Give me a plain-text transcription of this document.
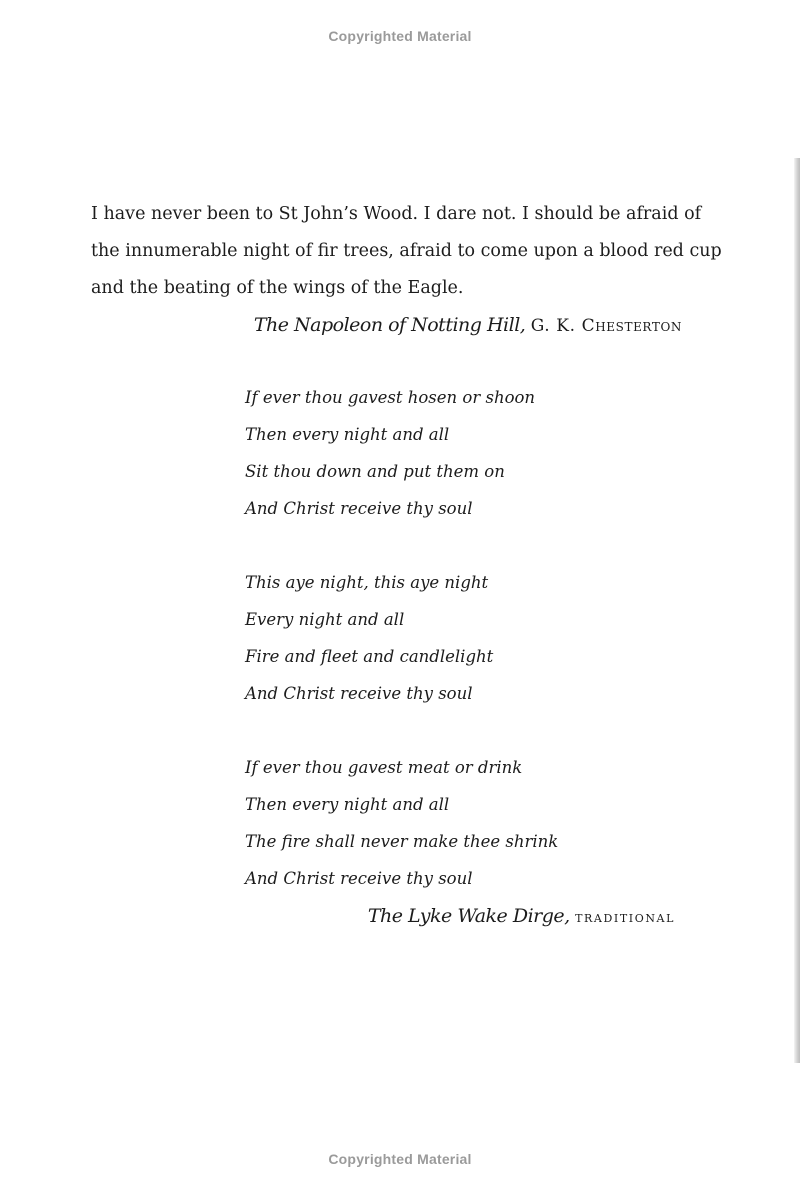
Copyrighted Material

I have never been to St John’s Wood. I dare not. I should be afraid of

the innumerable night of fir trees, afraid to come upon a blood red cup

and the beating of the wings of the Eagle.

The Napoleon of Notting Hill, G. K. Chesterton
If ever thou gavest hosen or shoon
Then every night and all
Sit thou down and put them on
And Christ receive thy soul
This aye night, this aye night
Every night and all
Fire and fleet and candlelight
And Christ receive thy soul
If ever thou gavest meat or drink
Then every night and all
The fire shall never make thee shrink
And Christ receive thy soul
The Lyke Wake Dirge, traditional
Copyrighted Material
